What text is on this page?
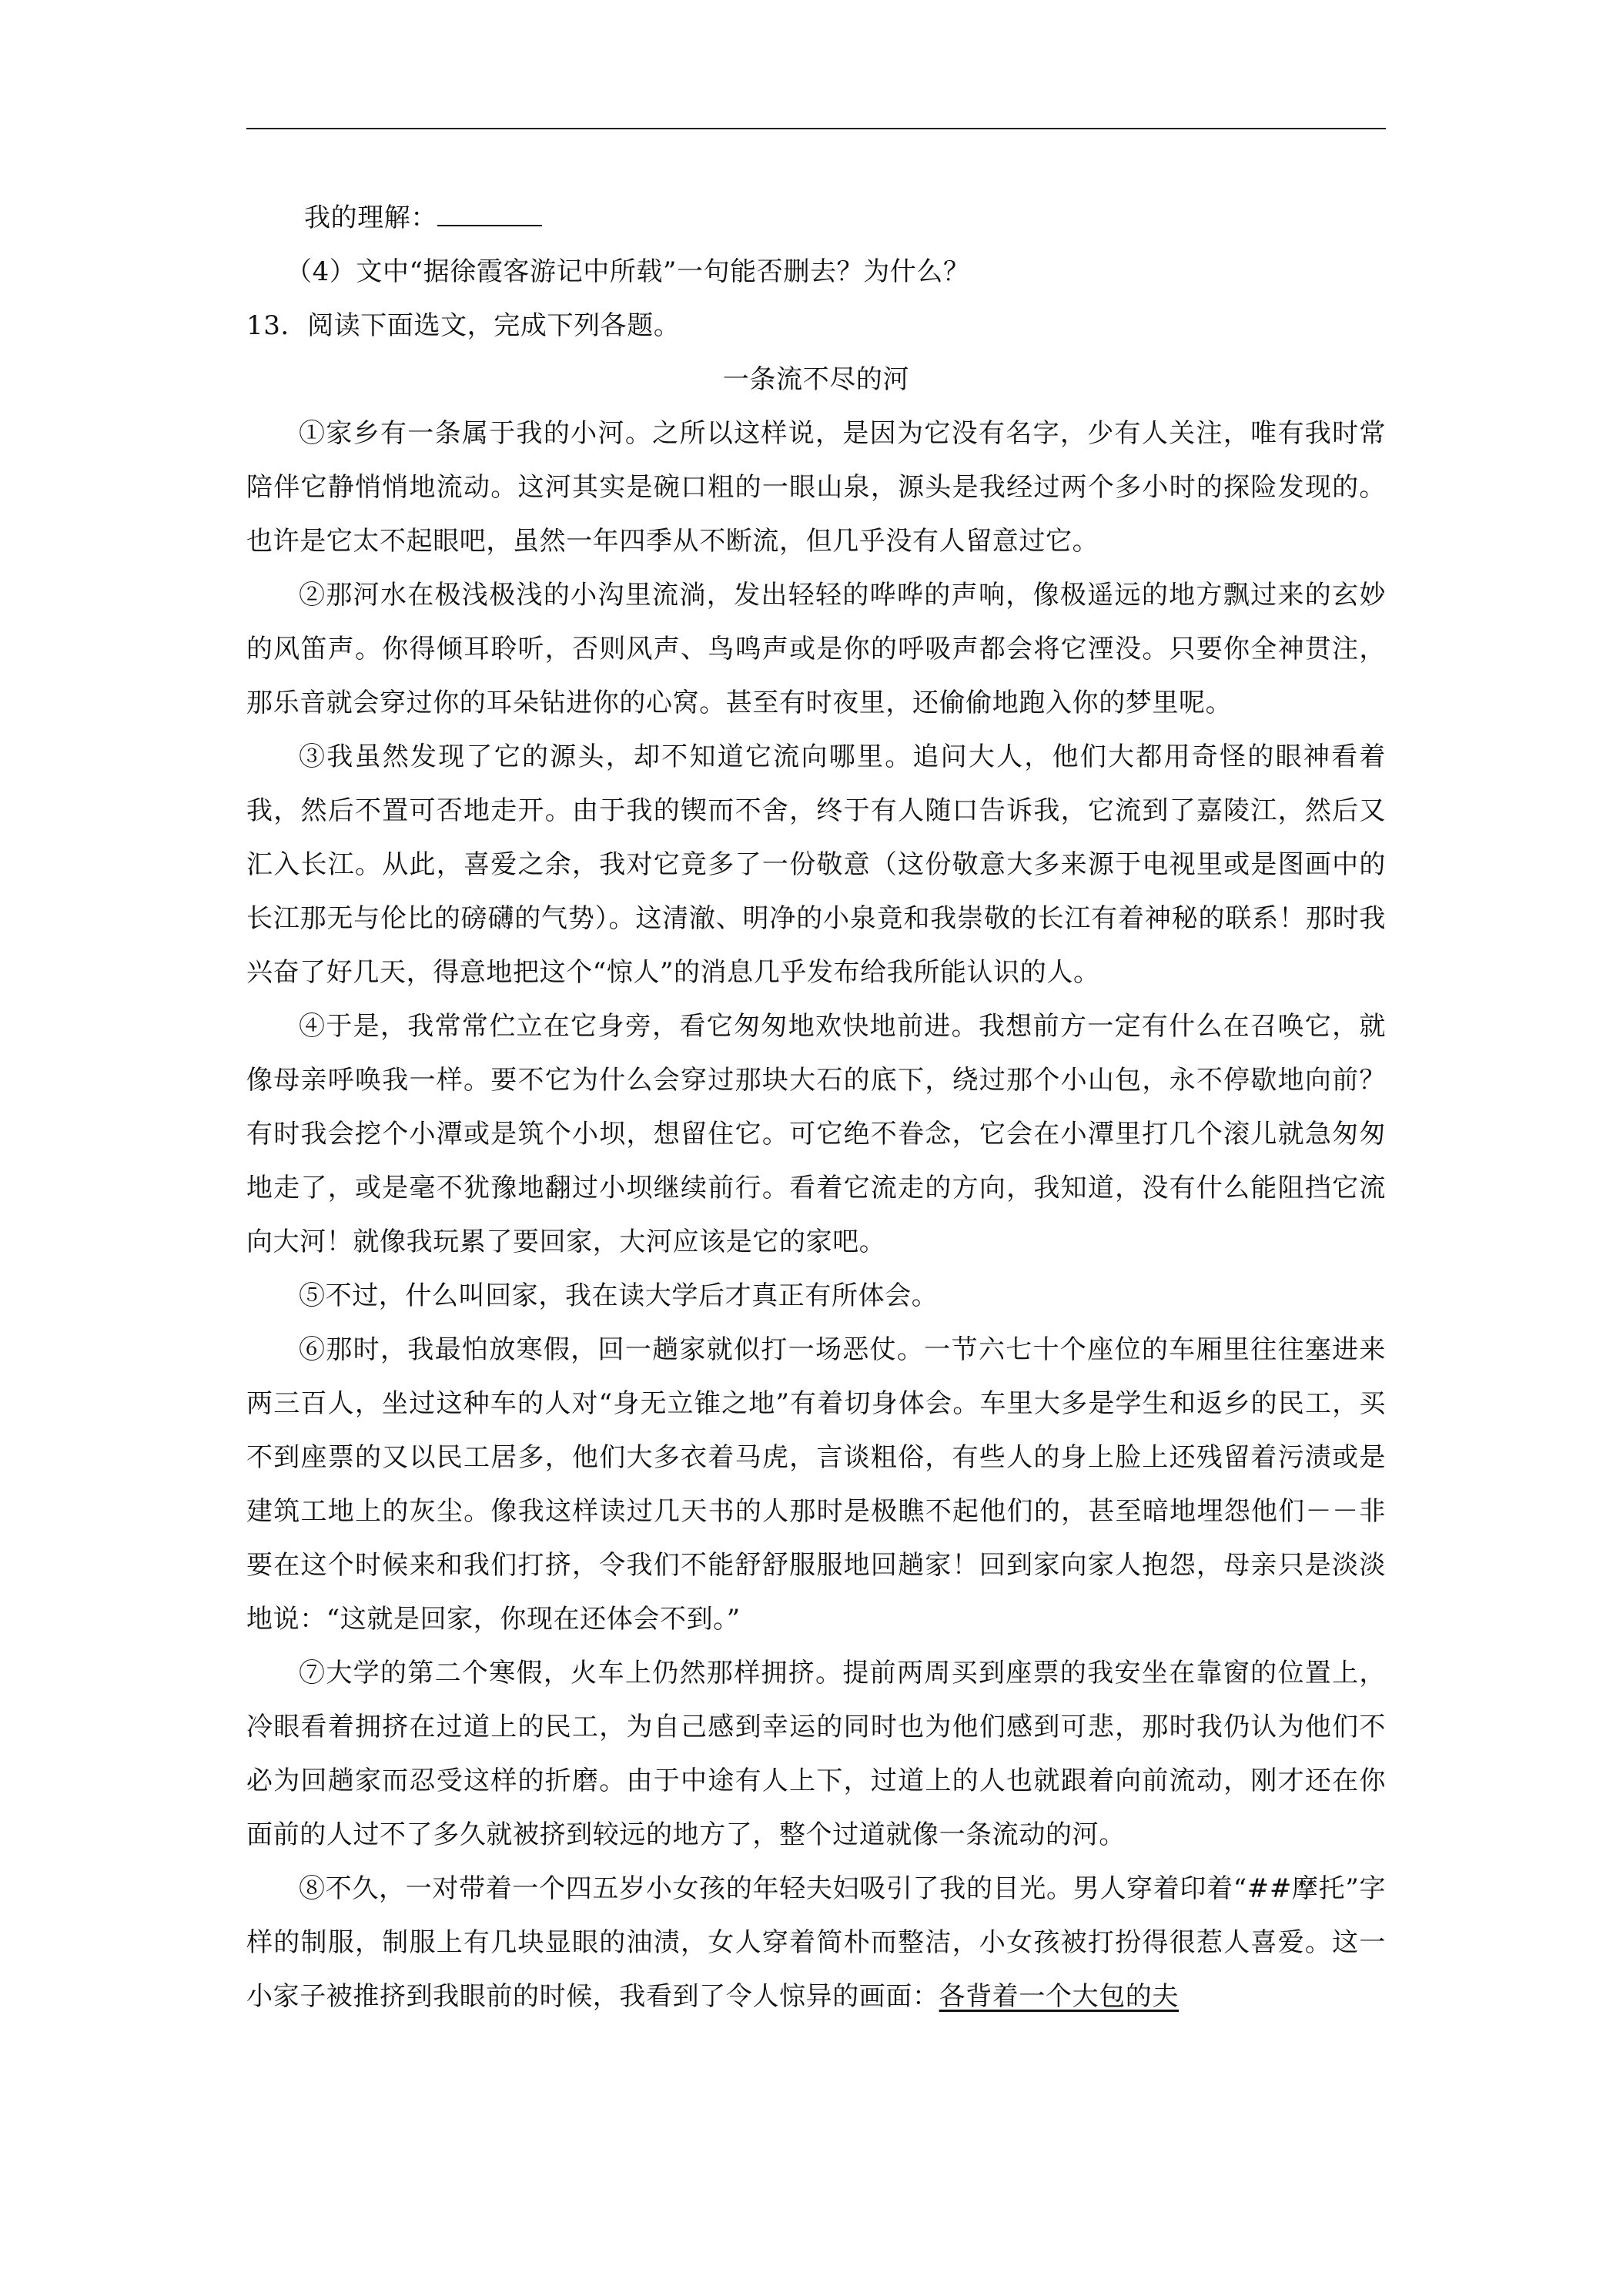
我的理解：

（4）文中“据徐霞客游记中所载”一句能否删去？为什么？

13．阅读下面选文，完成下列各题。

一条流不尽的河

①家乡有一条属于我的小河。之所以这样说，是因为它没有名字，少有人关注，唯有我时常陪伴它静悄悄地流动。这河其实是碗口粗的一眼山泉，源头是我经过两个多小时的探险发现的。也许是它太不起眼吧，虽然一年四季从不断流，但几乎没有人留意过它。

②那河水在极浅极浅的小沟里流淌，发出轻轻的哗哗的声响，像极遥远的地方飘过来的玄妙的风笛声。你得倾耳聆听，否则风声、鸟鸣声或是你的呼吸声都会将它湮没。只要你全神贯注，那乐音就会穿过你的耳朵钻进你的心窝。甚至有时夜里，还偷偷地跑入你的梦里呢。

③我虽然发现了它的源头，却不知道它流向哪里。追问大人，他们大都用奇怪的眼神看着我，然后不置可否地走开。由于我的锲而不舍，终于有人随口告诉我，它流到了嘉陵江，然后又汇入长江。从此，喜爱之余，我对它竟多了一份敬意（这份敬意大多来源于电视里或是图画中的长江那无与伦比的磅礴的气势）。这清澈、明净的小泉竟和我崇敬的长江有着神秘的联系！那时我兴奋了好几天，得意地把这个“惊人”的消息几乎发布给我所能认识的人。

④于是，我常常伫立在它身旁，看它匆匆地欢快地前进。我想前方一定有什么在召唤它，就像母亲呼唤我一样。要不它为什么会穿过那块大石的底下，绕过那个小山包，永不停歇地向前？有时我会挖个小潭或是筑个小坝，想留住它。可它绝不眷念，它会在小潭里打几个滚儿就急匆匆地走了，或是毫不犹豫地翻过小坝继续前行。看着它流走的方向，我知道，没有什么能阻挡它流向大河！就像我玩累了要回家，大河应该是它的家吧。

⑤不过，什么叫回家，我在读大学后才真正有所体会。

⑥那时，我最怕放寒假，回一趟家就似打一场恶仗。一节六七十个座位的车厢里往往塞进来两三百人，坐过这种车的人对“身无立锥之地”有着切身体会。车里大多是学生和返乡的民工，买不到座票的又以民工居多，他们大多衣着马虎，言谈粗俗，有些人的身上脸上还残留着污渍或是建筑工地上的灰尘。像我这样读过几天书的人那时是极瞧不起他们的，甚至暗地埋怨他们－－非要在这个时候来和我们打挤，令我们不能舒舒服服地回趟家！回到家向家人抱怨，母亲只是淡淡地说：“这就是回家，你现在还体会不到。”

⑦大学的第二个寒假，火车上仍然那样拥挤。提前两周买到座票的我安坐在靠窗的位置上，冷眼看着拥挤在过道上的民工，为自己感到幸运的同时也为他们感到可悲，那时我仍认为他们不必为回趟家而忍受这样的折磨。由于中途有人上下，过道上的人也就跟着向前流动，刚才还在你面前的人过不了多久就被挤到较远的地方了，整个过道就像一条流动的河。

⑧不久，一对带着一个四五岁小女孩的年轻夫妇吸引了我的目光。男人穿着印着“##摩托”字样的制服，制服上有几块显眼的油渍，女人穿着简朴而整洁，小女孩被打扮得很惹人喜爱。这一小家子被推挤到我眼前的时候，我看到了令人惊异的画面：各背着一个大包的夫
